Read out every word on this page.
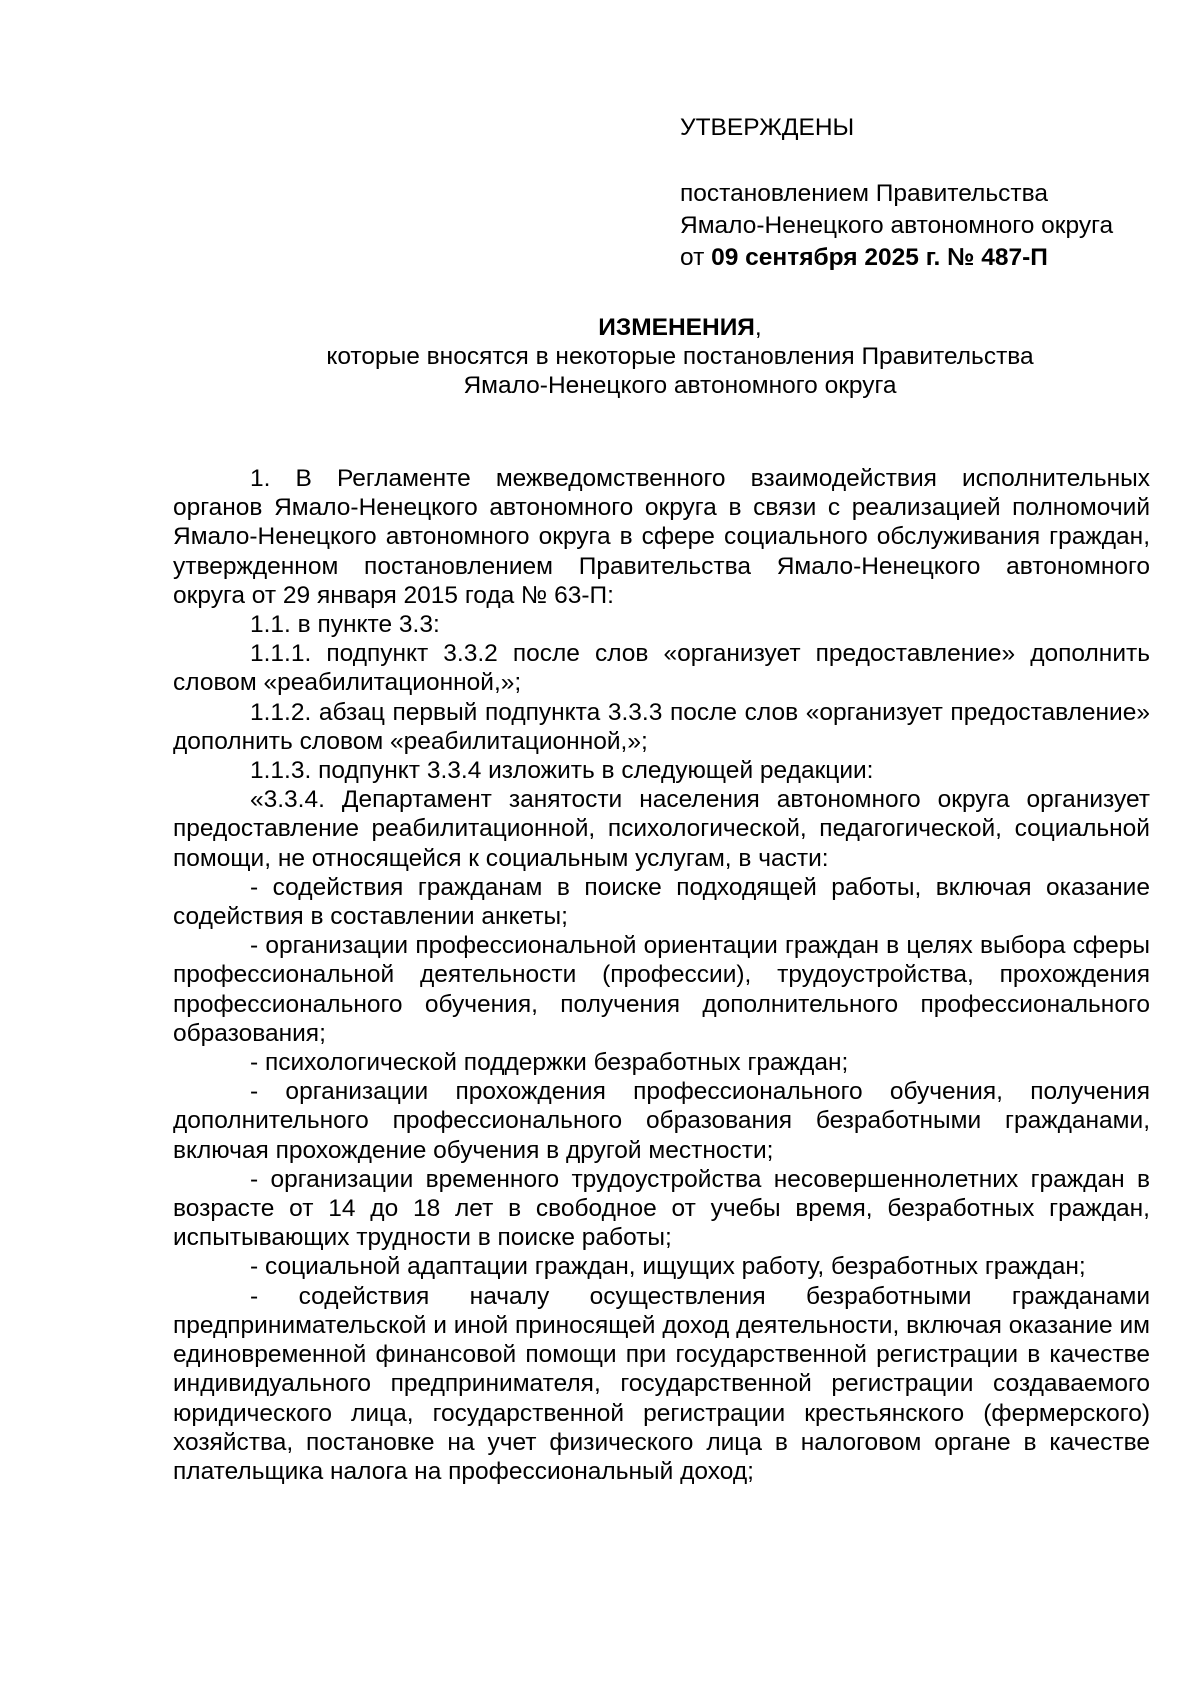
УТВЕРЖДЕНЫ
постановлением Правительства
Ямало-Ненецкого автономного округа
от 09 сентября 2025 г. № 487-П
ИЗМЕНЕНИЯ,
которые вносятся в некоторые постановления Правительства
Ямало-Ненецкого автономного округа

1. В Регламенте межведомственного взаимодействия исполнительных органов Ямало-Ненецкого автономного округа в связи с реализацией полномочий Ямало-Ненецкого автономного округа в сфере социального обслуживания граждан, утвержденном постановлением Правительства Ямало-Ненецкого автономного округа от 29 января 2015 года № 63-П:

1.1. в пункте 3.3:

1.1.1. подпункт 3.3.2 после слов «организует предоставление» дополнить словом «реабилитационной,»;

1.1.2. абзац первый подпункта 3.3.3 после слов «организует предоставление» дополнить словом «реабилитационной,»;

1.1.3. подпункт 3.3.4 изложить в следующей редакции:

«3.3.4. Департамент занятости населения автономного округа организует предоставление реабилитационной, психологической, педагогической, социальной помощи, не относящейся к социальным услугам, в части:

- содействия гражданам в поиске подходящей работы, включая оказание содействия в составлении анкеты;

- организации профессиональной ориентации граждан в целях выбора сферы профессиональной деятельности (профессии), трудоустройства, прохождения профессионального обучения, получения дополнительного профессионального образования;

- психологической поддержки безработных граждан;

- организации прохождения профессионального обучения, получения дополнительного профессионального образования безработными гражданами, включая прохождение обучения в другой местности;

- организации временного трудоустройства несовершеннолетних граждан в возрасте от 14 до 18 лет в свободное от учебы время, безработных граждан, испытывающих трудности в поиске работы;

- социальной адаптации граждан, ищущих работу, безработных граждан;

- содействия началу осуществления безработными гражданами предпринимательской и иной приносящей доход деятельности, включая оказание им единовременной финансовой помощи при государственной регистрации в качестве индивидуального предпринимателя, государственной регистрации создаваемого юридического лица, государственной регистрации крестьянского (фермерского) хозяйства, постановке на учет физического лица в налоговом органе в качестве плательщика налога на профессиональный доход;
